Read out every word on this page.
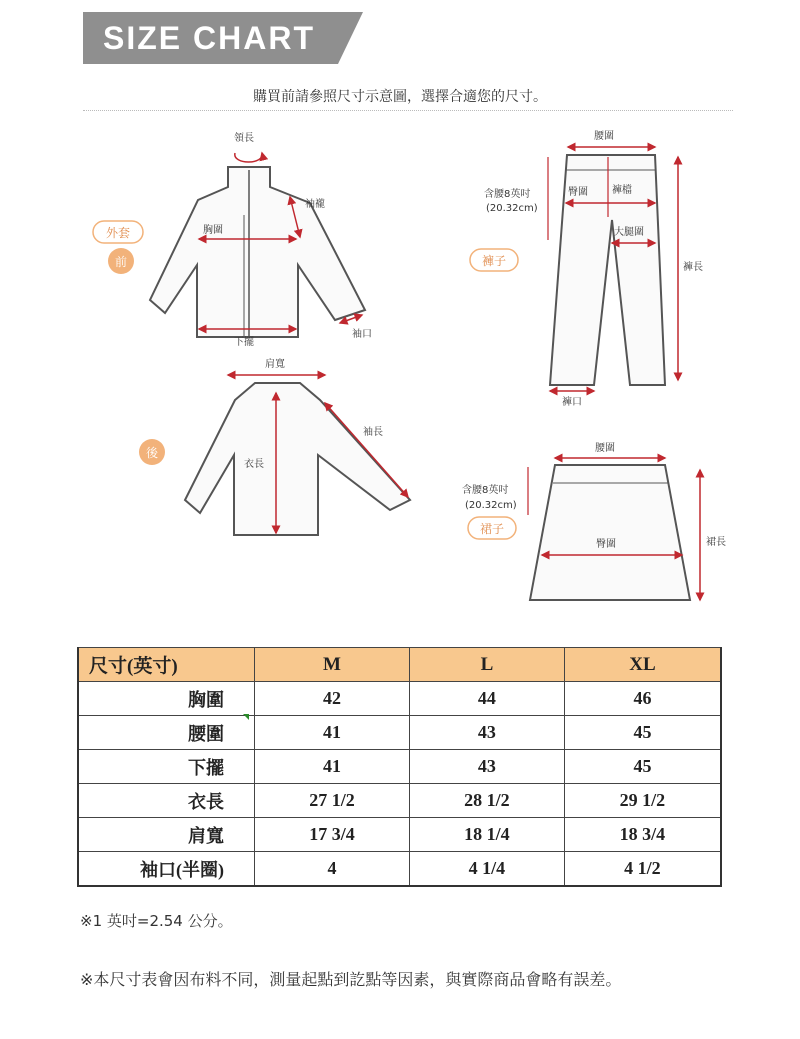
SIZE CHART
購買前請參照尺寸示意圖，選擇合適您的尺寸。
外套
前
後
褲子
裙子
領長
袖襱
胸圍
下擺
袖口
肩寬
衣長
袖長
腰圍
含腰8英吋
(20.32cm)
臀圍 褲檔
大腿圍
褲長
褲口
腰圍
含腰8英吋
(20.32cm)
臀圍	裙長
尺寸(英寸)	M	L	XL
胸圍	42	44	46
腰圍	41	43	45
下擺	41	43	45
衣長	27 1/2	28 1/2	29 1/2
肩寬	17 3/4	18 1/4	18 3/4
袖口(半圈)	4	4 1/4	4 1/2
※1 英吋=2.54 公分。
※本尺寸表會因布料不同，測量起點到訖點等因素，與實際商品會略有誤差。
